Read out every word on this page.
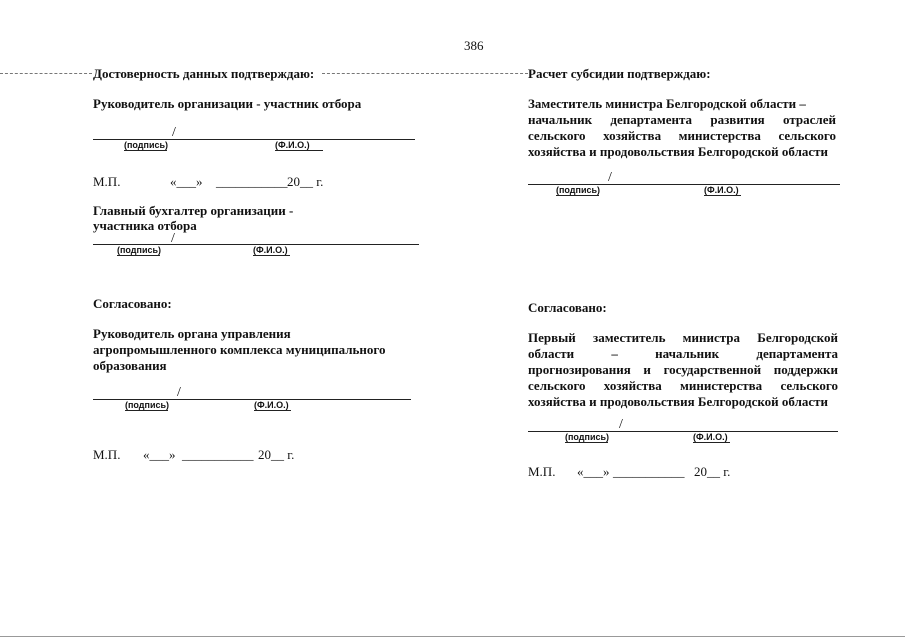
386
Достоверность данных подтверждаю:
Руководитель организации - участник отбора
/
(подпись)	(Ф.И.О.)
М.П.	«___» ___________ 20__ г.
Главный бухгалтер организации -
участника отбора
/
(подпись)	(Ф.И.О.)
Согласовано:
Руководитель органа управления
агропромышленного комплекса муниципального
образования
/
(подпись)	(Ф.И.О.)
М.П. «___» ___________ 20__ г.
Расчет субсидии подтверждаю:
Заместитель министра Белгородской области –
начальник департамента развития отраслей
сельского хозяйства министерства сельского
хозяйства и продовольствия Белгородской области
/
(подпись)	(Ф.И.О.)
Согласовано:
Первый заместитель министра Белгородской
области – начальник департамента
прогнозирования и государственной поддержки
сельского хозяйства министерства сельского
хозяйства и продовольствия Белгородской области
/
(подпись)	(Ф.И.О.)
М.П. «___» ___________ 20__ г.
